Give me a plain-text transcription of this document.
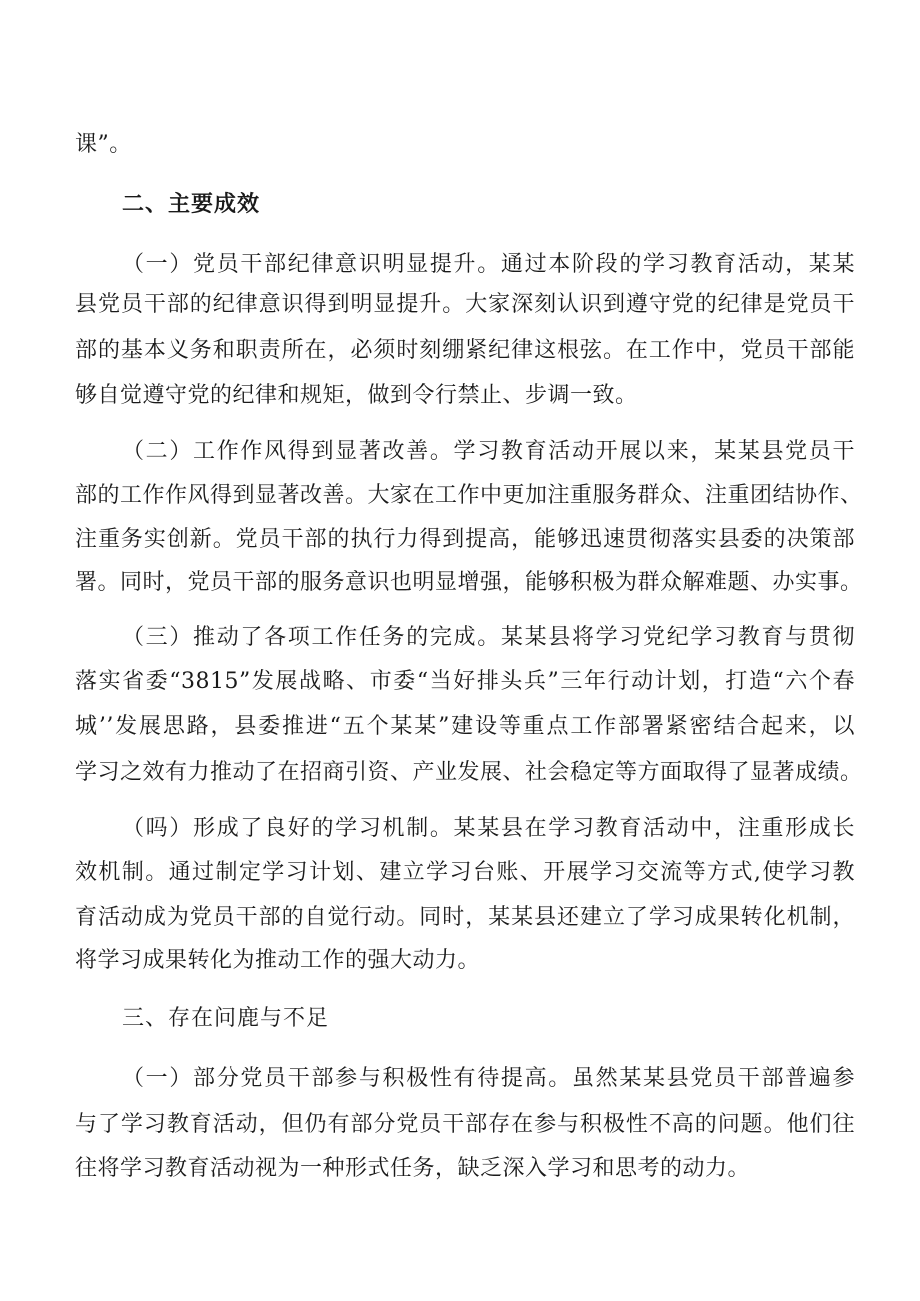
课”。
二、主要成效
（一）党员干部纪律意识明显提升。通过本阶段的学习教育活动，某某
县党员干部的纪律意识得到明显提升。大家深刻认识到遵守党的纪律是党员干
部的基本义务和职责所在，必须时刻绷紧纪律这根弦。在工作中，党员干部能
够自觉遵守党的纪律和规矩，做到令行禁止、步调一致。
（二）工作作风得到显著改善。学习教育活动开展以来，某某县党员干
部的工作作风得到显著改善。大家在工作中更加注重服务群众、注重团结协作、
注重务实创新。党员干部的执行力得到提高，能够迅速贯彻落实县委的决策部
署。同时，党员干部的服务意识也明显增强，能够积极为群众解难题、办实事。
（三）推动了各项工作任务的完成。某某县将学习党纪学习教育与贯彻
落实省委“3815”发展战略、市委“当好排头兵”三年行动计划，打造“六个春
城’’发展思路，县委推进“五个某某”建设等重点工作部署紧密结合起来，以
学习之效有力推动了在招商引资、产业发展、社会稳定等方面取得了显著成绩。
（吗）形成了良好的学习机制。某某县在学习教育活动中，注重形成长
效机制。通过制定学习计划、建立学习台账、开展学习交流等方式,使学习教
育活动成为党员干部的自觉行动。同时，某某县还建立了学习成果转化机制，
将学习成果转化为推动工作的强大动力。
三、存在问鹿与不足
（一）部分党员干部参与积极性有待提高。虽然某某县党员干部普遍参
与了学习教育活动，但仍有部分党员干部存在参与积极性不高的问题。他们往
往将学习教育活动视为一种形式任务，缺乏深入学习和思考的动力。
